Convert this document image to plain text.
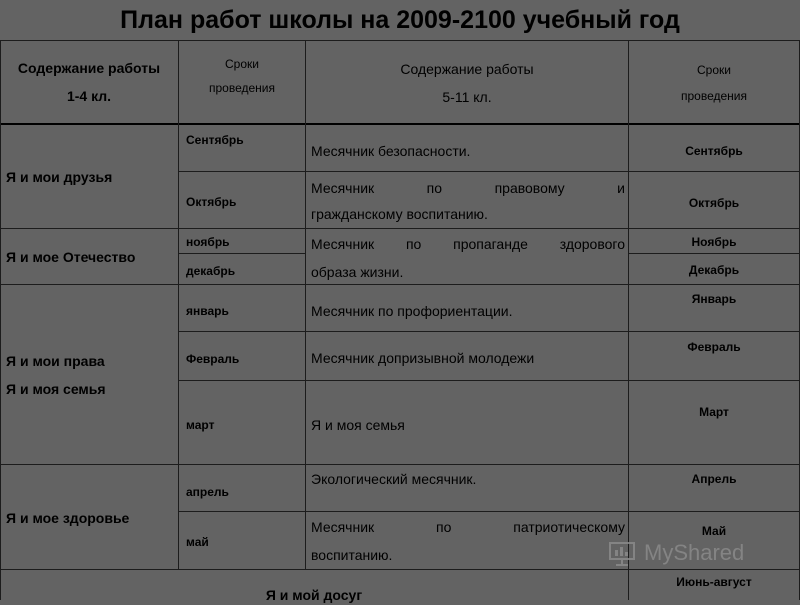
План работ школы на 2009-2100 учебный год
Содержание работы
1-4 кл.
Сроки
проведения
Содержание работы
5-11 кл.
Сроки
проведения
Я и мои друзья
Я и мое Отечество
Я и мои права
Я и моя семья
Я и мое здоровье
Я и мой досуг
Сентябрь
Октябрь
ноябрь
декабрь
январь
Февраль
март
апрель
май
Месячник безопасности.
Месячник по правовому и
гражданскому воспитанию.
Месячник по пропаганде здорового
образа жизни.
Месячник по профориентации.
Месячник допризывной молодежи
Я и моя семья
Экологический месячник.
Месячник по патриотическому
воспитанию.
Сентябрь
Октябрь
Ноябрь
Декабрь
Январь
Февраль
Март
Апрель
Май
Июнь-август
MyShared
